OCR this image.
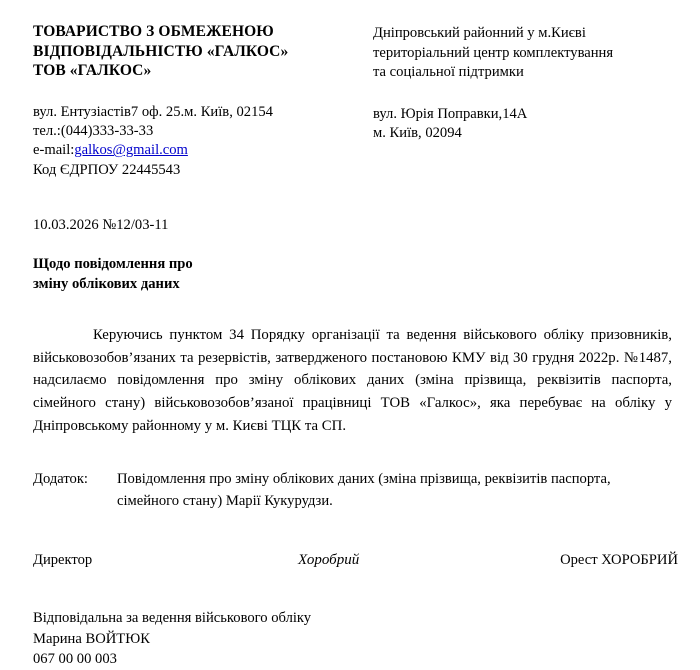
ТОВАРИСТВО З ОБМЕЖЕНОЮ
ВІДПОВІДАЛЬНІСТЮ «ГАЛКОС»
ТОВ «ГАЛКОС»
вул. Ентузіастів7 оф. 25.м. Київ, 02154
тел.:(044)333-33-33
e-mail:galkos@gmail.com
Код ЄДРПОУ 22445543
Дніпровський районний у м.Києві
територіальний центр комплектування
та соціальної підтримки
вул. Юрія Поправки,14А
м. Київ, 02094
10.03.2026 №12/03-11
Щодо повідомлення про
зміну облікових даних
Керуючись пунктом 34 Порядку організації та ведення військового обліку призовників, військовозобов’язаних та резервістів, затвердженого постановою КМУ від 30 грудня 2022р. №1487, надсилаємо повідомлення про зміну облікових даних (зміна прізвища, реквізитів паспорта, сімейного стану) військовозобов’язаної працівниці ТОВ «Галкос», яка перебуває на обліку у Дніпровському районному у м. Києві ТЦК та СП.
Додаток:	Повідомлення про зміну облікових даних (зміна прізвища, реквізитів паспорта, сімейного стану) Марії Кукурудзи.
Директор	Хоробрий	Орест ХОРОБРИЙ
Відповідальна за ведення військового обліку
Марина ВОЙТЮК
067 00 00 003
